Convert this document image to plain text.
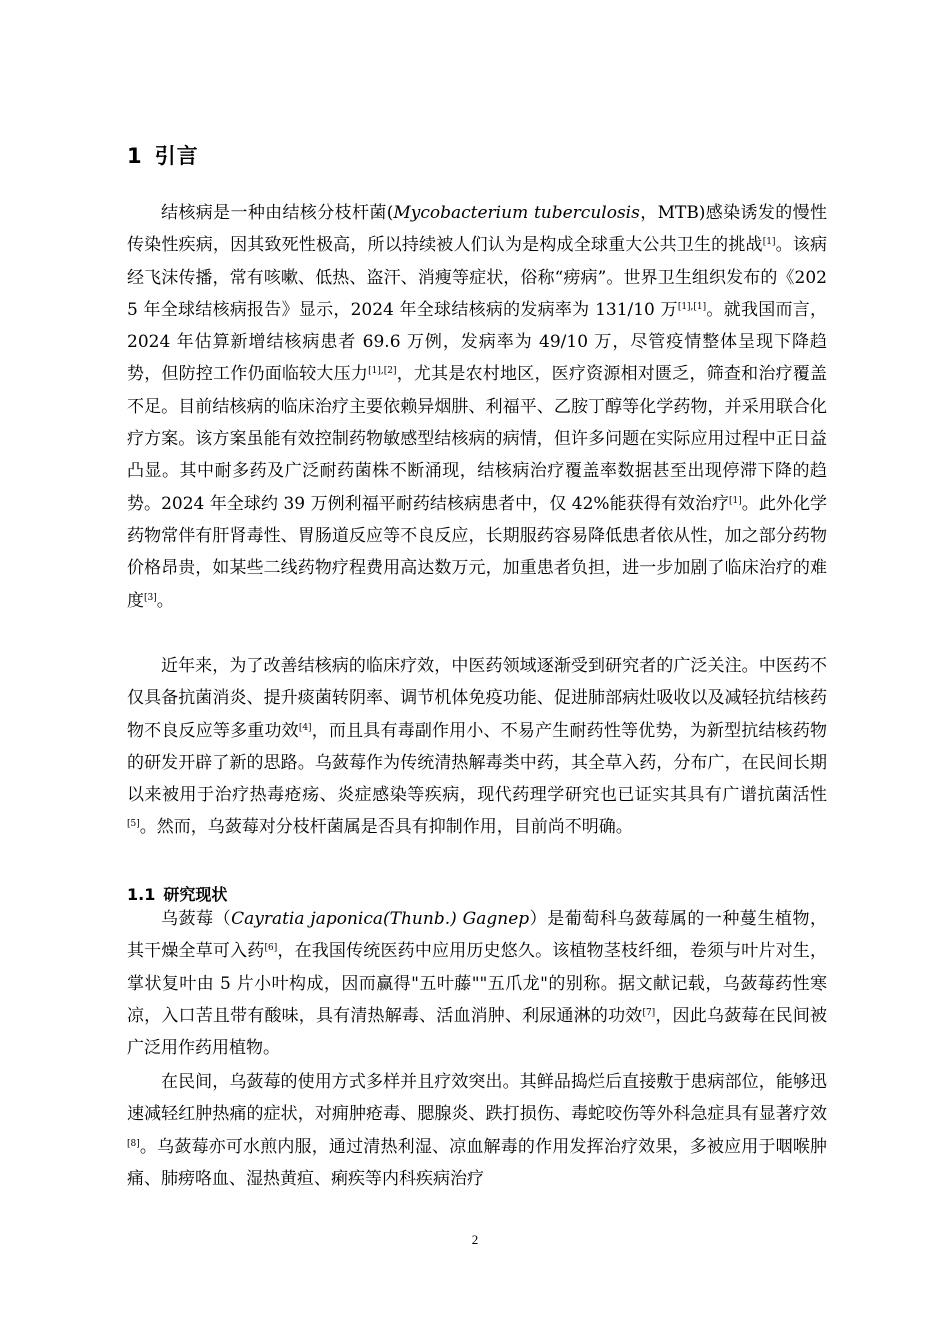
1 引言
结核病是一种由结核分枝杆菌(Mycobacterium tuberculosis，MTB)感染诱发的慢性传染性疾病，因其致死性极高，所以持续被人们认为是构成全球重大公共卫生的挑战[1]。该病经飞沫传播，常有咳嗽、低热、盗汗、消瘦等症状，俗称“痨病”。世界卫生组织发布的《2025 年全球结核病报告》显示，2024 年全球结核病的发病率为 131/10 万[1],[1]。就我国而言，2024 年估算新增结核病患者 69.6 万例，发病率为 49/10 万，尽管疫情整体呈现下降趋势，但防控工作仍面临较大压力[1],[2]，尤其是农村地区，医疗资源相对匮乏，筛查和治疗覆盖不足。目前结核病的临床治疗主要依赖异烟肼、利福平、乙胺丁醇等化学药物，并采用联合化疗方案。该方案虽能有效控制药物敏感型结核病的病情，但许多问题在实际应用过程中正日益凸显。其中耐多药及广泛耐药菌株不断涌现，结核病治疗覆盖率数据甚至出现停滞下降的趋势。2024 年全球约 39 万例利福平耐药结核病患者中，仅 42%能获得有效治疗[1]。此外化学药物常伴有肝肾毒性、胃肠道反应等不良反应，长期服药容易降低患者依从性，加之部分药物价格昂贵，如某些二线药物疗程费用高达数万元，加重患者负担，进一步加剧了临床治疗的难度[3]。
近年来，为了改善结核病的临床疗效，中医药领域逐渐受到研究者的广泛关注。中医药不仅具备抗菌消炎、提升痰菌转阴率、调节机体免疫功能、促进肺部病灶吸收以及减轻抗结核药物不良反应等多重功效[4]，而且具有毒副作用小、不易产生耐药性等优势，为新型抗结核药物的研发开辟了新的思路。乌蔹莓作为传统清热解毒类中药，其全草入药，分布广，在民间长期以来被用于治疗热毒疮疡、炎症感染等疾病，现代药理学研究也已证实其具有广谱抗菌活性[5]。然而，乌蔹莓对分枝杆菌属是否具有抑制作用，目前尚不明确。
1.1 研究现状
乌蔹莓（Cayratia japonica(Thunb.) Gagnep）是葡萄科乌蔹莓属的一种蔓生植物，其干燥全草可入药[6]，在我国传统医药中应用历史悠久。该植物茎枝纤细，卷须与叶片对生，掌状复叶由 5 片小叶构成，因而赢得"五叶藤""五爪龙"的别称。据文献记载，乌蔹莓药性寒凉，入口苦且带有酸味，具有清热解毒、活血消肿、利尿通淋的功效[7]，因此乌蔹莓在民间被广泛用作药用植物。
在民间，乌蔹莓的使用方式多样并且疗效突出。其鲜品捣烂后直接敷于患病部位，能够迅速减轻红肿热痛的症状，对痈肿疮毒、腮腺炎、跌打损伤、毒蛇咬伤等外科急症具有显著疗效[8]。乌蔹莓亦可水煎内服，通过清热利湿、凉血解毒的作用发挥治疗效果，多被应用于咽喉肿痛、肺痨咯血、湿热黄疸、痢疾等内科疾病治疗
2
